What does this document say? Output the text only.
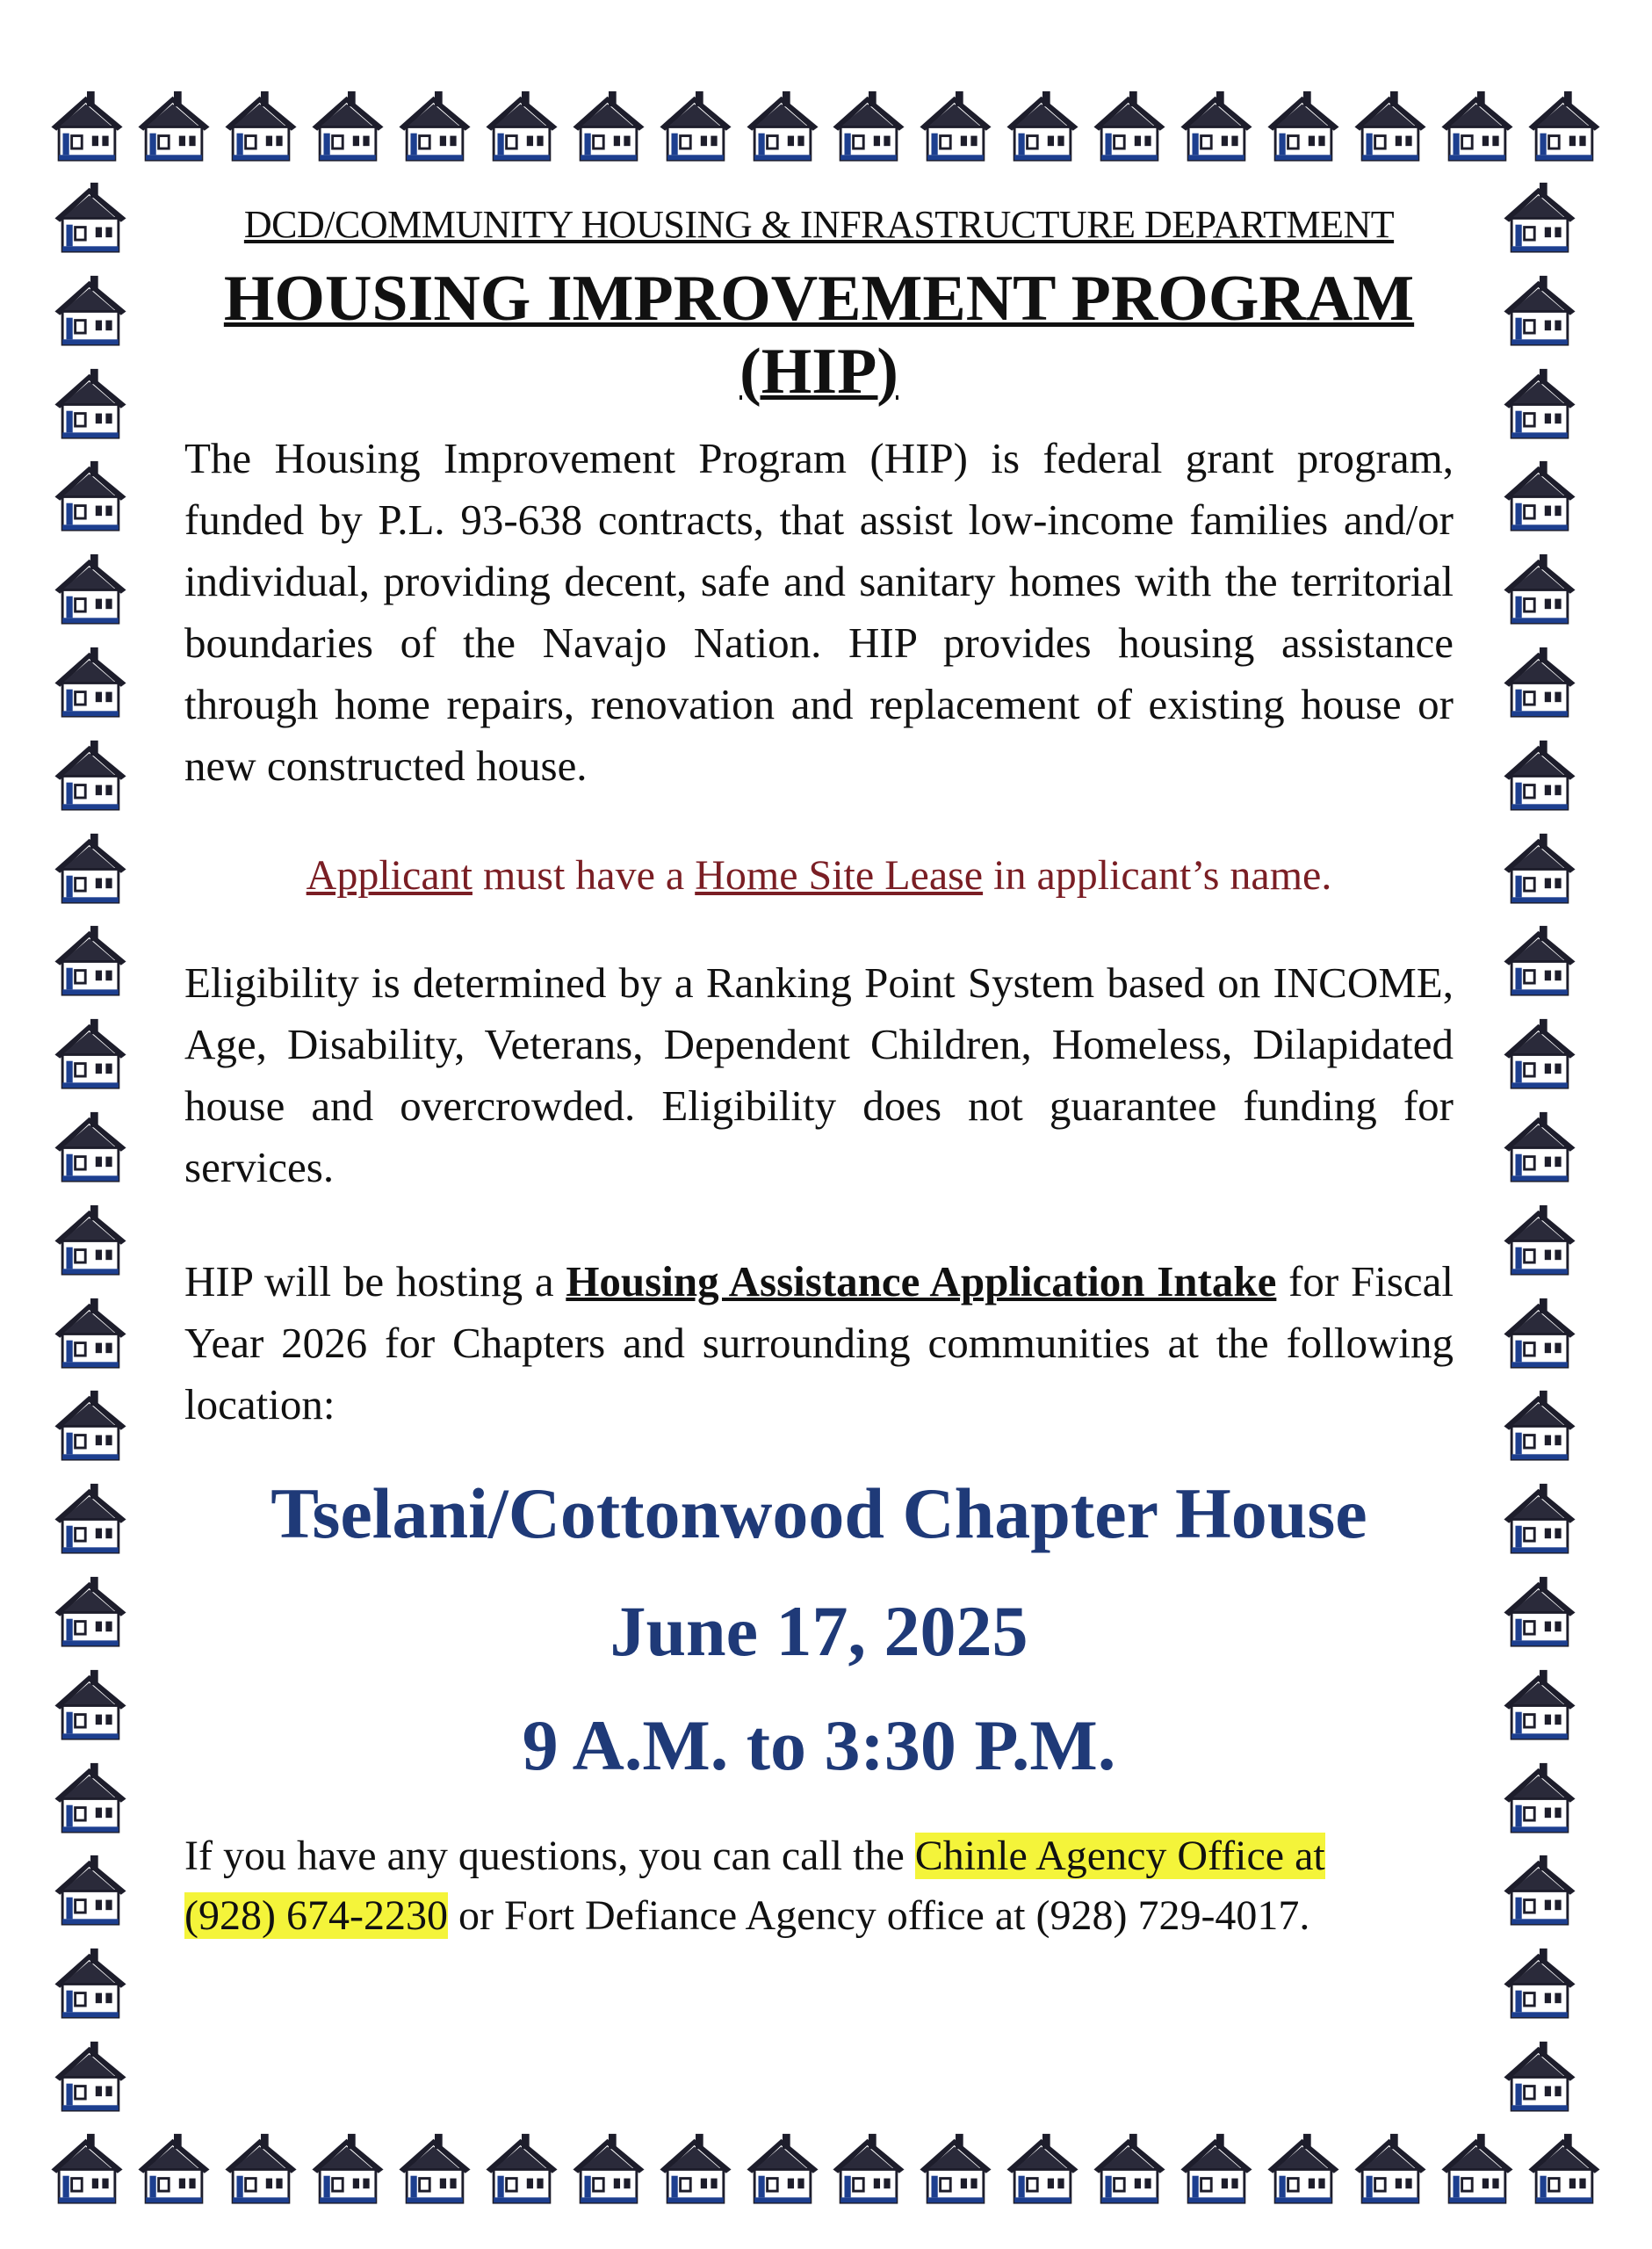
DCD/COMMUNITY HOUSING & INFRASTRUCTURE DEPARTMENT

HOUSING IMPROVEMENT PROGRAM
(HIP)

The Housing Improvement Program (HIP) is federal grant program, funded by P.L. 93-638 contracts, that assist low-income families and/or individual, providing decent, safe and sanitary homes with the territorial boundaries of the Navajo Nation. HIP provides housing assistance through home repairs, renovation and replacement of existing house or new constructed house.

Applicant must have a Home Site Lease in applicant’s name.

Eligibility is determined by a Ranking Point System based on INCOME, Age, Disability, Veterans, Dependent Children, Homeless, Dilapidated house and overcrowded. Eligibility does not guarantee funding for services.

HIP will be hosting a Housing Assistance Application Intake for Fiscal Year 2026 for Chapters and surrounding communities at the following location:

Tselani/Cottonwood Chapter House

June 17, 2025

9 A.M. to 3:30 P.M.

If you have any questions, you can call the Chinle Agency Office at
(928) 674-2230 or Fort Defiance Agency office at (928) 729-4017.
